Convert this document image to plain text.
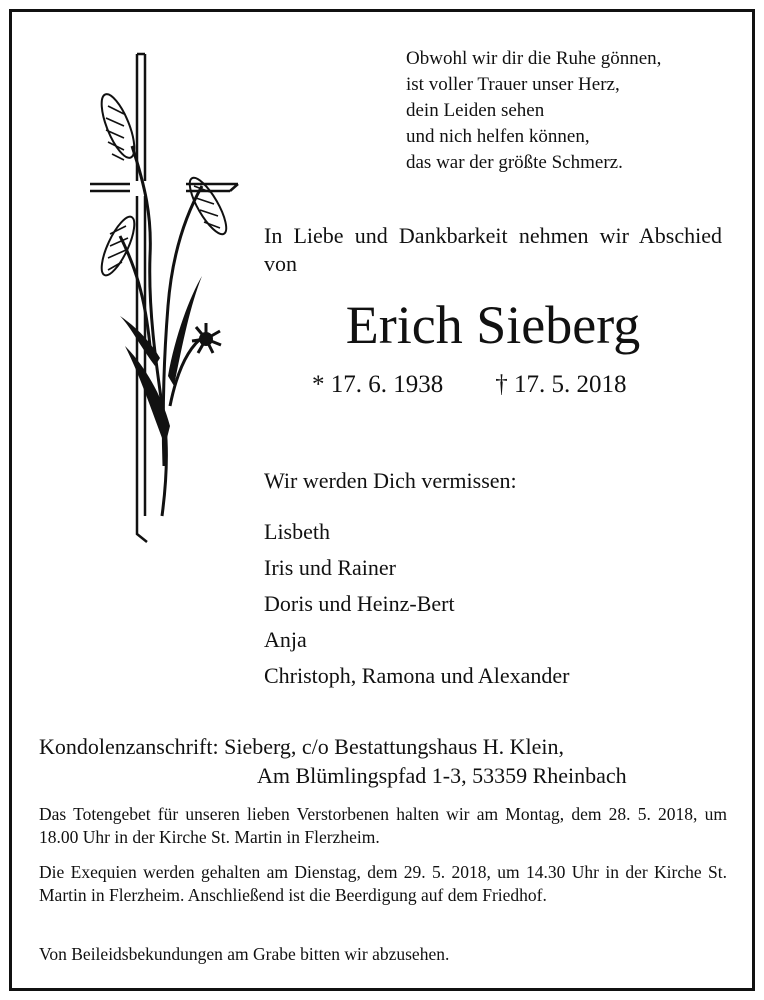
Obwohl wir dir die Ruhe gönnen,
ist voller Trauer unser Herz,
dein Leiden sehen
und nich helfen können,
das war der größte Schmerz.
In Liebe und Dankbarkeit nehmen wir Abschied von
Erich Sieberg
* 17. 6. 1938 † 17. 5. 2018
Wir werden Dich vermissen:
Lisbeth
Iris und Rainer
Doris und Heinz-Bert
Anja
Christoph, Ramona und Alexander
Kondolenzanschrift: Sieberg, c/o Bestattungshaus H. Klein,
Am Blümlingspfad 1-3, 53359 Rheinbach
Das Totengebet für unseren lieben Verstorbenen halten wir am Montag, dem 28. 5. 2018, um 18.00 Uhr in der Kirche St. Martin in Flerzheim.
Die Exequien werden gehalten am Dienstag, dem 29. 5. 2018, um 14.30 Uhr in der Kirche St. Martin in Flerzheim. Anschließend ist die Beerdigung auf dem Friedhof.
Von Beileidsbekundungen am Grabe bitten wir abzusehen.
